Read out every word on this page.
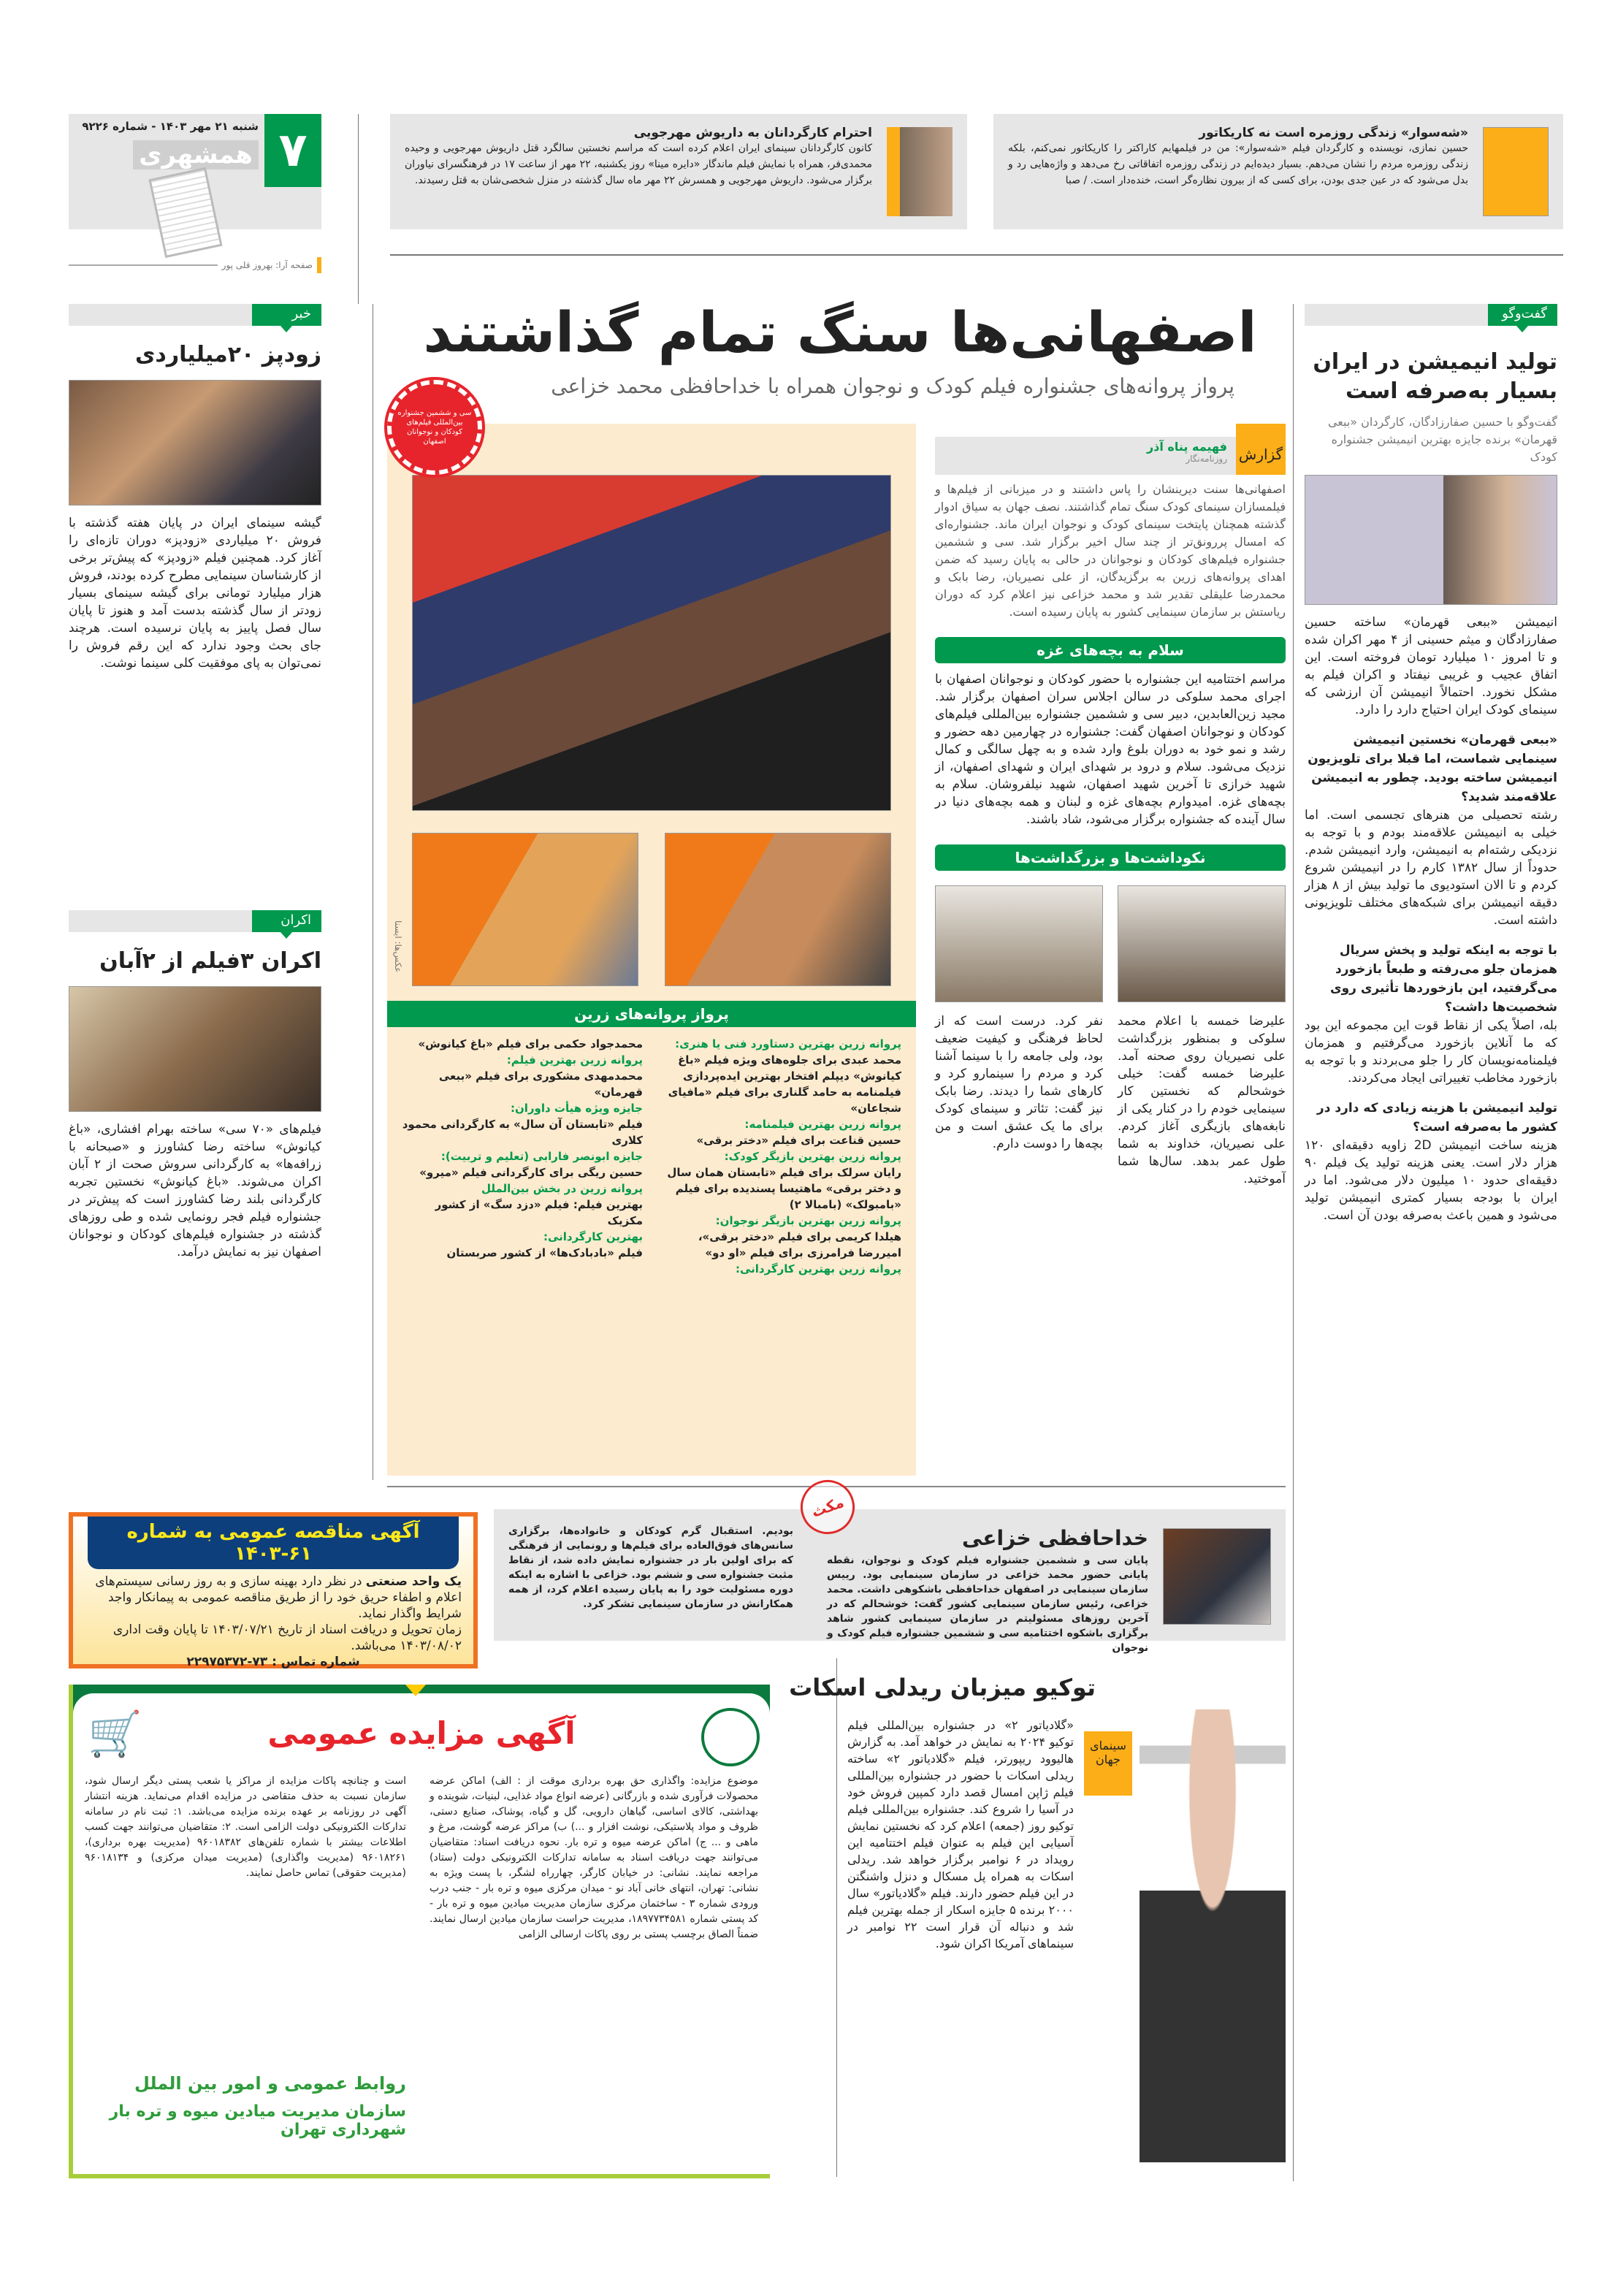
۷
شنبه ۲۱ مهر ۱۴۰۳ - شماره ۹۲۲۶
همشهری
صفحه آرا: بهروز قلی پور
«شه‌سوار» زندگی روزمره است نه کاریکاتور
حسین نمازی، نویسنده و کارگردان فیلم «شه‌سوار»: من در فیلمهایم کاراکتر را کاریکاتور نمی‌کنم، بلکه زندگی روزمره مردم را نشان می‌دهم. بسیار دیده‌ایم در زندگی روزمره اتفاقاتی رخ می‌دهد و واژه‌هایی رد و بدل می‌شود که در عین جدی بودن، برای کسی که از بیرون نظاره‌گر است، خنده‌دار است. / صبا
احترام کارگردانان به داریوش مهرجویی
کانون کارگردانان سینمای ایران اعلام کرده است که مراسم نخستین سالگرد قتل داریوش مهرجویی و وحیده محمدی‌فر، همراه با نمایش فیلم ماندگار «دایره مینا» روز یکشنبه، ۲۲ مهر از ساعت ۱۷ در فرهنگسرای نیاوران برگزار می‌شود. داریوش مهرجویی و همسرش ۲۲ مهر ماه سال گذشته در منزل شخصی‌شان به قتل رسیدند.
گفت‌وگو
تولید انیمیشن در ایران بسیار به‌صرفه است
گفت‌وگو با حسین صفارزادگان، کارگردان «ببعی قهرمان» برنده جایزه بهترین انیمیشن جشنواره کودک
انیمیشن «ببعی قهرمان» ساخته حسین صفارزادگان و میثم حسینی از ۴ مهر اکران شده و تا امروز ۱۰ میلیارد تومان فروخته است. این اتفاق عجیب و غریبی نیفتاد و اکران فیلم به مشکل نخورد. احتمالاً انیمیشن آن ارزشی که سینمای کودک ایران احتیاج دارد را دارد.
«ببعی قهرمان» نخستین انیمیشن سینمایی شماست، اما قبلا برای تلویزیون انیمیشن ساخته بودید. چطور به انیمیشن علاقه‌مند شدید؟
رشته تحصیلی من هنرهای تجسمی است. اما خیلی به انیمیشن علاقه‌مند بودم و با توجه به نزدیکی رشته‌ام به انیمیشن، وارد انیمیشن شدم. حدوداً از سال ۱۳۸۲ کارم را در انیمیشن شروع کردم و تا الان استودیوی ما تولید بیش از ۸ هزار دقیقه انیمیشن برای شبکه‌های مختلف تلویزیونی داشته است.
با توجه به اینکه تولید و پخش سریال همزمان جلو می‌رفته و طبعاً بازخورد می‌گرفتید، این بازخوردها تأثیری روی شخصیت‌ها داشت؟
بله، اصلاً یکی از نقاط قوت این مجموعه این بود که ما آنلاین بازخورد می‌گرفتیم و همزمان فیلمنامه‌نویسان کار را جلو می‌بردند و با توجه به بازخورد مخاطب تغییراتی ایجاد می‌کردند.
تولید انیمیشن با هزینه زیادی که دارد در کشور ما به‌صرفه است؟
هزینه ساخت انیمیشن 2D زاویه دقیقه‌ای ۱۲۰ هزار دلار است. یعنی هزینه تولید یک فیلم ۹۰ دقیقه‌ای حدود ۱۰ میلیون دلار می‌شود. اما در ایران با بودجه بسیار کمتری انیمیشن تولید می‌شود و همین باعث به‌صرفه بودن آن است.
خبر
زودپز ۲۰میلیاردی
گیشه سینمای ایران در پایان هفته گذشته با فروش ۲۰ میلیاردی «زودپز» دوران تازه‌ای را آغاز کرد. همچنین فیلم «زودپز» که پیش‌تر برخی از کارشناسان سینمایی مطرح کرده بودند، فروش هزار میلیارد تومانی برای گیشه سینمای بسیار زودتر از سال گذشته بدست آمد و هنوز تا پایان سال فصل پاییز به پایان نرسیده است. هرچند جای بحث وجود ندارد که این رقم فروش را نمی‌توان به پای موفقیت کلی سینما نوشت.
اکران
اکران ۳فیلم از ۲آبان
فیلم‌های «۷۰ سی» ساخته بهرام افشاری، «باغ کیانوش» ساخته رضا کشاورز و «صبحانه با زرافه‌ها» به کارگردانی سروش صحت از ۲ آبان اکران می‌شوند. «باغ کیانوش» نخستین تجربه کارگردانی بلند رضا کشاورز است که پیش‌تر در جشنواره فیلم فجر رونمایی شده و طی روزهای گذشته در جشنواره فیلم‌های کودکان و نوجوانان اصفهان نیز به نمایش درآمد.
اصفهانی‌ها سنگ تمام گذاشتند
پرواز پروانه‌های جشنواره فیلم کودک و نوجوان همراه با خداحافظی محمد خزاعی
عکس‌ها: ایسنا
پرواز پروانه‌های زرین
پروانه زرین بهترین دستاورد فنی یا هنری:
محمد عبدی برای جلوه‌های ویژه فیلم «باغ کیانوش» دیپلم افتخار بهترین ایده‌پردازی فیلمنامه به حامد گلناری برای فیلم «مافیای شجاعان»
پروانه زرین بهترین فیلمنامه:
حسین قناعت برای فیلم «دختر برقی»
پروانه زرین بهترین بازیگر کودک:
رایان سرلک برای فیلم «تابستان همان سال و دختر برقی» ماهتیسا پسندیده برای فیلم «بامبولک» (بامبالا ۲)
پروانه زرین بهترین بازیگر نوجوان:
هیلدا کریمی برای فیلم «دختر برقی»، امیررضا فرامرزی برای فیلم «او دو»
پروانه زرین بهترین کارگردانی:
محمدجواد حکمی برای فیلم «باغ کیانوش»
پروانه زرین بهترین فیلم:
محمدمهدی مشکوری برای فیلم «ببعی قهرمان»
جایزه ویژه هیأت داوران:
فیلم «تابستان آن سال» به کارگردانی محمود کلاری
جایزه ابونصر فارابی (تعلیم و تربیت):
حسین ریگی برای کارگردانی فیلم «میرو»
پروانه زرین در بخش بین‌الملل
بهترین فیلم: فیلم «دزد سگ» از کشور مکزیک
بهترین کارگردانی:
فیلم «بادبادک‌ها» از کشور صربستان
سی و ششمین جشنواره بین‌المللی فیلم‌های کودکان و نوجوانان اصفهان
گزارش
فهیمه پناه آذر
روزنامه‌نگار
اصفهانی‌ها سنت دیرینشان را پاس داشتند و در میزبانی از فیلم‌ها و فیلمسازان سینمای کودک سنگ تمام گذاشتند. نصف جهان به سیاق ادوار گذشته همچنان پایتخت سینمای کودک و نوجوان ایران ماند. جشنواره‌ای که امسال پررونق‌تر از چند سال اخیر برگزار شد. سی و ششمین جشنواره فیلم‌های کودکان و نوجوانان در حالی به پایان رسید که ضمن اهدای پروانه‌های زرین به برگزیدگان، از علی نصیریان، رضا بابک و محمدرضا علیقلی تقدیر شد و محمد خزاعی نیز اعلام کرد که دوران ریاستش بر سازمان سینمایی کشور به پایان رسیده است.
سلام به بچه‌های غزه
مراسم اختتامیه این جشنواره با حضور کودکان و نوجوانان اصفهان با اجرای محمد سلوکی در سالن اجلاس سران اصفهان برگزار شد. مجید زین‌العابدین، دبیر سی و ششمین جشنواره بین‌المللی فیلم‌های کودکان و نوجوانان اصفهان گفت: جشنواره در چهارمین دهه حضور و رشد و نمو خود به دوران بلوغ وارد شده و به چهل سالگی و کمال نزدیک می‌شود. سلام و درود بر شهدای ایران و شهدای اصفهان، از شهید خرازی تا آخرین شهید اصفهان، شهید نیلفروشان. سلام به بچه‌های غزه. امیدوارم بچه‌های غزه و لبنان و همه بچه‌های دنیا در سال آینده که جشنواره برگزار می‌شود، شاد باشند.
نکوداشت‌ها و بزرگداشت‌ها
نفر کرد. درست است که از لحاظ فرهنگی و کیفیت ضعیف بود، ولی جامعه را با سینما آشنا کرد و مردم را سینمارو کرد و کارهای شما را دیدند. رضا بابک نیز گفت: تئاتر و سینمای کودک برای ما یک عشق است و من بچه‌ها را دوست دارم.
علیرضا خمسه با اعلام محمد سلوکی و بمنظور بزرگداشت علی نصیریان روی صحنه آمد. علیرضا خمسه گفت: خیلی خوشحالم که نخستین کار سینمایی خودم را در کنار یکی از نابغه‌های بازیگری آغاز کردم. علی نصیریان، خداوند به شما طول عمر بدهد. سال‌ها شما آموختید.
خداحافظی خزاعی
پایان سی و ششمین جشنواره فیلم کودک و نوجوان، نقطه پایانی حضور محمد خزاعی در سازمان سینمایی بود. رییس سازمان سینمایی در اصفهان خداحافظی باشکوهی داشت. محمد خزاعی، رئیس سازمان سینمایی کشور گفت: خوشحالم که در آخرین روزهای مسئولیتم در سازمان سینمایی کشور شاهد برگزاری باشکوه اختتامیه سی و ششمین جشنواره فیلم کودک و نوجوان
بودیم. استقبال گرم کودکان و خانواده‌ها، برگزاری سانس‌های فوق‌العاده برای فیلم‌ها و رونمایی از فرهنگی که برای اولین بار در جشنواره نمایش داده شد، از نقاط مثبت جشنواره سی و ششم بود. خزاعی با اشاره به اینکه دوره مسئولیت خود را به پایان رسیده اعلام کرد، از همه همکارانش در سازمان سینمایی تشکر کرد.
مکث
آگهی مناقصه عمومی به شماره ۶۱-۱۴۰۳
یک واحد صنعتی در نظر دارد بهینه سازی و به روز رسانی سیستم‌های اعلام و اطفاء حریق خود را از طریق مناقصه عمومی به پیمانکار واجد شرایط واگذار نماید.
زمان تحویل و دریافت اسناد از تاریخ ۱۴۰۳/۰۷/۲۱ تا پایان وقت اداری ۱۴۰۳/۰۸/۰۲ می‌باشد.
شماره تماس : ۷۳-۲۲۹۷۵۳۷۲
توکیو میزبان ریدلی اسکات
سینمای جهان
«گلادیاتور ۲» در جشنواره بین‌المللی فیلم توکیو ۲۰۲۴ به نمایش در خواهد آمد. به گزارش هالیوود ریپورتر، فیلم «گلادیاتور ۲» ساخته ریدلی اسکات با حضور در جشنواره بین‌المللی فیلم ژاپن امسال قصد دارد کمپین فروش خود در آسیا را شروع کند. جشنواره بین‌المللی فیلم توکیو روز (جمعه) اعلام کرد که نخستین نمایش آسیایی این فیلم به عنوان فیلم اختتامیه این رویداد در ۶ نوامبر برگزار خواهد شد. ریدلی اسکات به همراه پل مسکال و دنزل واشنگتن در این فیلم حضور دارند. فیلم «گلادیاتور» سال ۲۰۰۰ برنده ۵ جایزه اسکار از جمله بهترین فیلم شد و دنباله آن قرار است ۲۲ نوامبر در سینماهای آمریکا اکران شود.
🛒	آگهی مزایده عمومی
موضوع مزایده: واگذاری حق بهره برداری موقت از : الف) اماکن عرضه محصولات فرآوری شده و بازرگانی (عرضه انواع مواد غذایی، لبنیات، شوینده و بهداشتی، کالای اساسی، گیاهان دارویی، گل و گیاه، پوشاک، صنایع دستی، ظروف و مواد پلاستیکی، نوشت افزار و ...) ب) مراکز عرضه گوشت، مرغ و ماهی و ... ج) اماکن عرضه میوه و تره بار. نحوه دریافت اسناد: متقاضیان می‌توانند جهت دریافت اسناد به سامانه تدارکات الکترونیکی دولت (ستاد) مراجعه نمایند. نشانی: در خیابان کارگر، چهارراه لشگر، با پست ویژه به نشانی: تهران، انتهای خانی آباد نو - میدان مرکزی میوه و تره بار - جنب درب ورودی شماره ۳ - ساختمان مرکزی سازمان مدیریت میادین میوه و تره بار - کد پستی شماره ۱۸۹۷۷۳۴۵۸۱، مدیریت حراست سازمان میادین ارسال نمایند. ضمناً الصاق برچسب پستی بر روی پاکات ارسالی الزامی
است و چنانچه پاکات مزایده از مراکز یا شعب پستی دیگر ارسال شود، سازمان نسبت به حذف متقاضی در مزایده اقدام می‌نماید. هزینه انتشار آگهی در روزنامه بر عهده برنده مزایده می‌باشد. ۱: ثبت نام در سامانه تدارکات الکترونیکی دولت الزامی است. ۲: متقاضیان می‌توانند جهت کسب اطلاعات بیشتر با شماره تلفن‌های ۹۶۰۱۸۳۸۲ (مدیریت بهره برداری)، ۹۶۰۱۸۲۶۱ (مدیریت واگذاری) (مدیریت میدان مرکزی) و ۹۶۰۱۸۱۳۴ (مدیریت حقوقی) تماس حاصل نمایند.
روابط عمومی و امور بین الملل
سازمان مدیریت میادین میوه و تره بار شهرداری تهران
